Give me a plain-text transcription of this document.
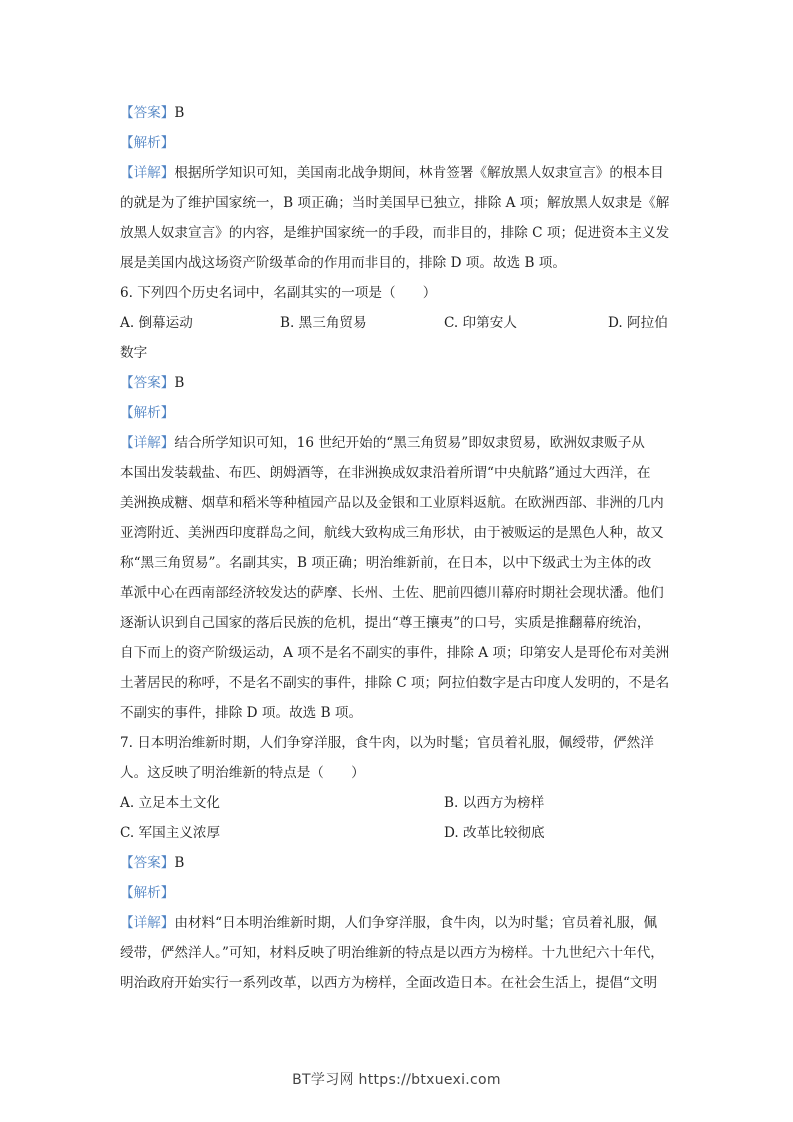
【答案】B
【解析】
【详解】根据所学知识可知，美国南北战争期间，林肯签署《解放黑人奴隶宣言》的根本目
的就是为了维护国家统一，B 项正确；当时美国早已独立，排除 A 项；解放黑人奴隶是《解
放黑人奴隶宣言》的内容，是维护国家统一的手段，而非目的，排除 C 项；促进资本主义发
展是美国内战这场资产阶级革命的作用而非目的，排除 D 项。故选 B 项。
6. 下列四个历史名词中，名副其实的一项是（　　）
A. 倒幕运动	B. 黑三角贸易	C. 印第安人	D. 阿拉伯
数字
【答案】B
【解析】
【详解】结合所学知识可知，16 世纪开始的“黑三角贸易”即奴隶贸易，欧洲奴隶贩子从
本国出发装载盐、布匹、朗姆酒等，在非洲换成奴隶沿着所谓“中央航路”通过大西洋，在
美洲换成糖、烟草和稻米等种植园产品以及金银和工业原料返航。在欧洲西部、非洲的几内
亚湾附近、美洲西印度群岛之间，航线大致构成三角形状，由于被贩运的是黑色人种，故又
称“黑三角贸易”。名副其实，B 项正确；明治维新前，在日本，以中下级武士为主体的改
革派中心在西南部经济较发达的萨摩、长州、土佐、肥前四德川幕府时期社会现状潘。他们
逐渐认识到自己国家的落后民族的危机，提出“尊王攘夷”的口号，实质是推翻幕府统治，
自下而上的资产阶级运动，A 项不是名不副实的事件，排除 A 项；印第安人是哥伦布对美洲
土著居民的称呼，不是名不副实的事件，排除 C 项；阿拉伯数字是古印度人发明的，不是名
不副实的事件，排除 D 项。故选 B 项。
7. 日本明治维新时期，人们争穿洋服，食牛肉，以为时髦；官员着礼服，佩绶带，俨然洋
人。这反映了明治维新的特点是（　　）
A. 立足本土文化	B. 以西方为榜样
C. 军国主义浓厚	D. 改革比较彻底
【答案】B
【解析】
【详解】由材料“日本明治维新时期，人们争穿洋服，食牛肉，以为时髦；官员着礼服，佩
绶带，俨然洋人。”可知，材料反映了明治维新的特点是以西方为榜样。十九世纪六十年代，
明治政府开始实行一系列改革，以西方为榜样，全面改造日本。在社会生活上，提倡“文明
BT学习网 https://btxuexi.com
